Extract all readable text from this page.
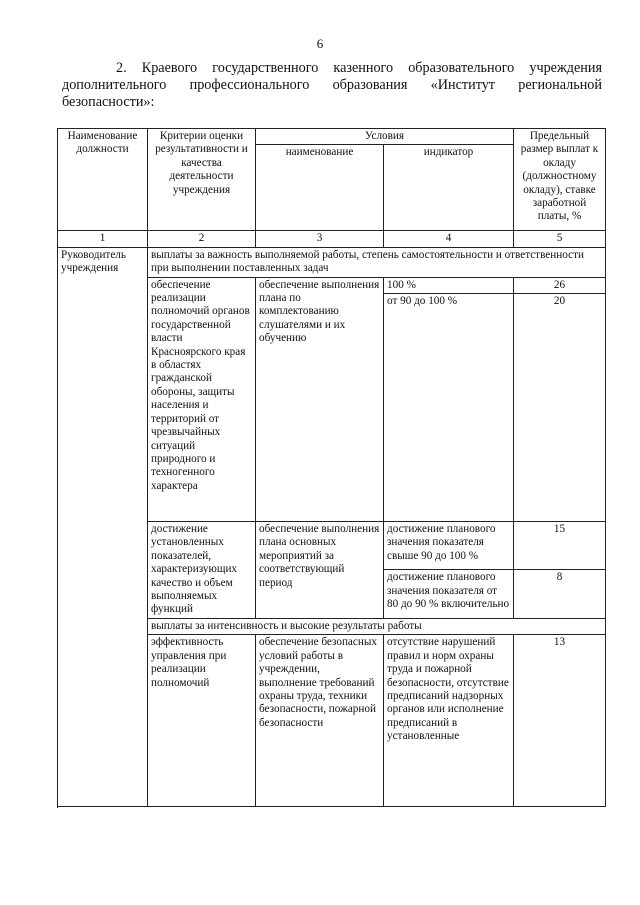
6
2. Краевого государственного казенного образовательного учреждения дополнительного профессионального образования «Институт региональной безопасности»:
Наименование должности	Критерии оценки результативности и качества деятельности учреждения	Условия		Предельный размер выплат к окладу (должностному окладу), ставке заработной платы, %
		наименование	индикатор	
1	2	3	4	5
Руководитель учреждения	выплаты за важность выполняемой работы, степень самостоятельности и ответственности при выполнении поставленных задач			
	обеспечение реализации полномочий органов государственной власти Красноярского края в областях гражданской обороны, защиты населения и территорий от чрезвычайных ситуаций природного и техногенного характера	обеспечение выполнения плана по комплектованию слушателями и их обучению	100 %	26
			от 90 до 100 %	20
	достижение установленных показателей, характеризующих качество и объем выполняемых функций	обеспечение выполнения плана основных мероприятий за соответствующий период	достижение планового значения показателя свыше 90 до 100 %	15
			достижение планового значения показателя от 80 до 90 % включительно	8
	выплаты за интенсивность и высокие результаты работы			
	эффективность управления при реализации полномочий	обеспечение безопасных условий работы в учреждении, выполнение требований охраны труда, техники безопасности, пожарной безопасности	отсутствие нарушений правил и норм охраны труда и пожарной безопасности, отсутствие предписаний надзорных органов или исполнение предписаний в установленные	13
